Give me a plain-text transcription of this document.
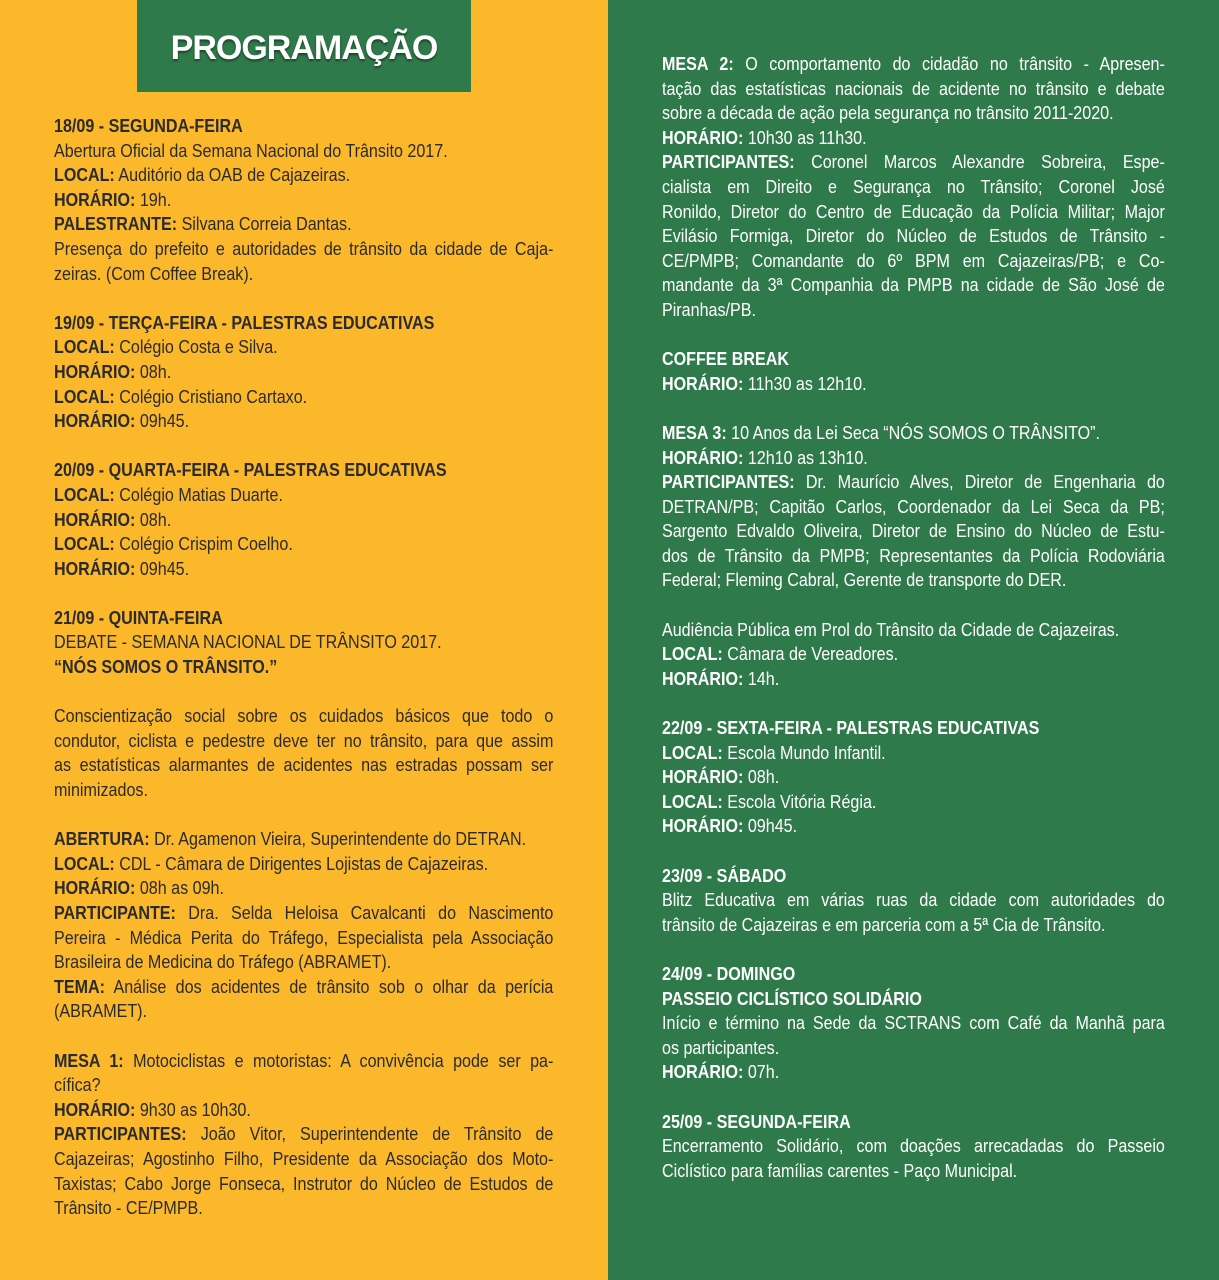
PROGRAMAÇÃO
18/09 - SEGUNDA-FEIRA
Abertura Oficial da Semana Nacional do Trânsito 2017.
LOCAL: Auditório da OAB de Cajazeiras.
HORÁRIO: 19h.
PALESTRANTE: Silvana Correia Dantas.
Presença do prefeito e autoridades de trânsito da cidade de Caja-
zeiras. (Com Coffee Break).
19/09 - TERÇA-FEIRA - PALESTRAS EDUCATIVAS
LOCAL: Colégio Costa e Silva.
HORÁRIO: 08h.
LOCAL: Colégio Cristiano Cartaxo.
HORÁRIO: 09h45.
20/09 - QUARTA-FEIRA - PALESTRAS EDUCATIVAS
LOCAL: Colégio Matias Duarte.
HORÁRIO: 08h.
LOCAL: Colégio Crispim Coelho.
HORÁRIO: 09h45.
21/09 - QUINTA-FEIRA
DEBATE - SEMANA NACIONAL DE TRÂNSITO 2017.
“NÓS SOMOS O TRÂNSITO.”
Conscientização social sobre os cuidados básicos que todo o
condutor, ciclista e pedestre deve ter no trânsito, para que assim
as estatísticas alarmantes de acidentes nas estradas possam ser
minimizados.
ABERTURA: Dr. Agamenon Vieira, Superintendente do DETRAN.
LOCAL: CDL - Câmara de Dirigentes Lojistas de Cajazeiras.
HORÁRIO: 08h as 09h.
PARTICIPANTE: Dra. Selda Heloisa Cavalcanti do Nascimento
Pereira - Médica Perita do Tráfego, Especialista pela Associação
Brasileira de Medicina do Tráfego (ABRAMET).
TEMA: Análise dos acidentes de trânsito sob o olhar da perícia
(ABRAMET).
MESA 1: Motociclistas e motoristas: A convivência pode ser pa-
cífica?
HORÁRIO: 9h30 as 10h30.
PARTICIPANTES: João Vitor, Superintendente de Trânsito de
Cajazeiras; Agostinho Filho, Presidente da Associação dos Moto-
Taxistas; Cabo Jorge Fonseca, Instrutor do Núcleo de Estudos de
Trânsito - CE/PMPB.
MESA 2: O comportamento do cidadão no trânsito - Apresen-
tação das estatísticas nacionais de acidente no trânsito e debate
sobre a década de ação pela segurança no trânsito 2011-2020.
HORÁRIO: 10h30 as 11h30.
PARTICIPANTES: Coronel Marcos Alexandre Sobreira, Espe-
cialista em Direito e Segurança no Trânsito; Coronel José
Ronildo, Diretor do Centro de Educação da Polícia Militar; Major
Evilásio Formiga, Diretor do Núcleo de Estudos de Trânsito -
CE/PMPB; Comandante do 6º BPM em Cajazeiras/PB; e Co-
mandante da 3ª Companhia da PMPB na cidade de São José de
Piranhas/PB.
COFFEE BREAK
HORÁRIO: 11h30 as 12h10.
MESA 3: 10 Anos da Lei Seca “NÓS SOMOS O TRÂNSITO”.
HORÁRIO: 12h10 as 13h10.
PARTICIPANTES: Dr. Maurício Alves, Diretor de Engenharia do
DETRAN/PB; Capitão Carlos, Coordenador da Lei Seca da PB;
Sargento Edvaldo Oliveira, Diretor de Ensino do Núcleo de Estu-
dos de Trânsito da PMPB; Representantes da Polícia Rodoviária
Federal; Fleming Cabral, Gerente de transporte do DER.
Audiência Pública em Prol do Trânsito da Cidade de Cajazeiras.
LOCAL: Câmara de Vereadores.
HORÁRIO: 14h.
22/09 - SEXTA-FEIRA - PALESTRAS EDUCATIVAS
LOCAL: Escola Mundo Infantil.
HORÁRIO: 08h.
LOCAL: Escola Vitória Régia.
HORÁRIO: 09h45.
23/09 - SÁBADO
Blitz Educativa em várias ruas da cidade com autoridades do
trânsito de Cajazeiras e em parceria com a 5ª Cia de Trânsito.
24/09 - DOMINGO
PASSEIO CICLÍSTICO SOLIDÁRIO
Início e término na Sede da SCTRANS com Café da Manhã para
os participantes.
HORÁRIO: 07h.
25/09 - SEGUNDA-FEIRA
Encerramento Solidário, com doações arrecadadas do Passeio
Ciclístico para famílias carentes - Paço Municipal.
